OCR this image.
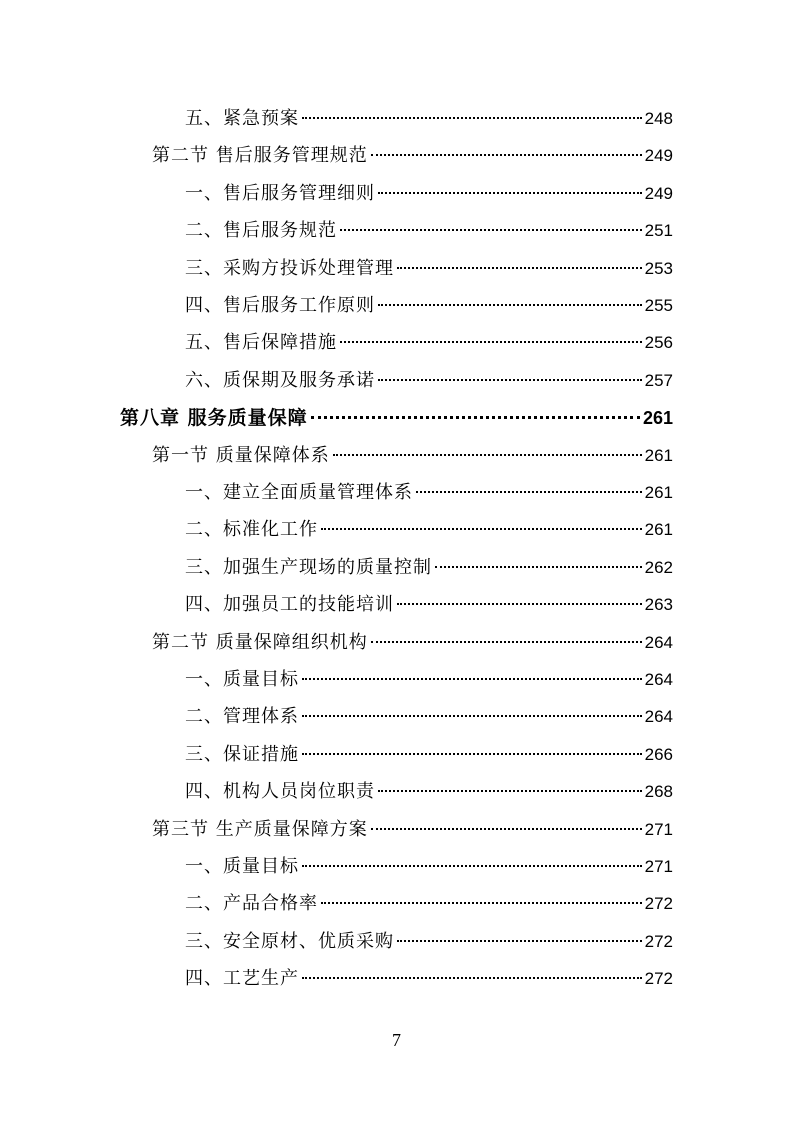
五、紧急预案	248
第二节 售后服务管理规范	249
一、售后服务管理细则	249
二、售后服务规范	251
三、采购方投诉处理管理	253
四、售后服务工作原则	255
五、售后保障措施	256
六、质保期及服务承诺	257
第八章 服务质量保障	261
第一节 质量保障体系	261
一、建立全面质量管理体系	261
二、标准化工作	261
三、加强生产现场的质量控制	262
四、加强员工的技能培训	263
第二节 质量保障组织机构	264
一、质量目标	264
二、管理体系	264
三、保证措施	266
四、机构人员岗位职责	268
第三节 生产质量保障方案	271
一、质量目标	271
二、产品合格率	272
三、安全原材、优质采购	272
四、工艺生产	272
7
